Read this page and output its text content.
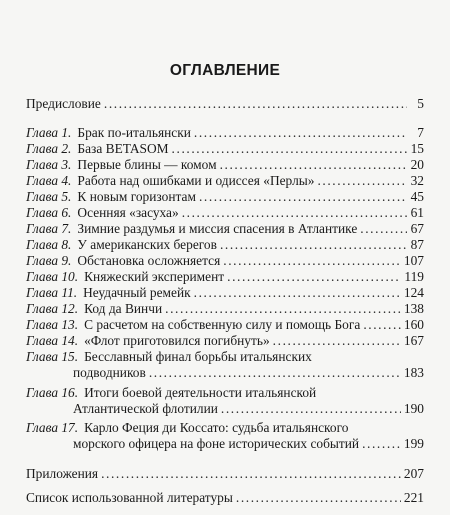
ОГЛАВЛЕНИЕ
Предисловие .....	5
Глава 1. Брак по-итальянски .....	7
Глава 2. База BETASOM .....	15
Глава 3. Первые блины — комом .....	20
Глава 4. Работа над ошибками и одиссея «Перлы» .....	32
Глава 5. К новым горизонтам .....	45
Глава 6. Осенняя «засуха» .....	61
Глава 7. Зимние раздумья и миссия спасения в Атлантике .....	67
Глава 8. У американских берегов .....	87
Глава 9. Обстановка осложняется .....	107
Глава 10. Княжеский эксперимент .....	119
Глава 11. Неудачный ремейк .....	124
Глава 12. Код да Винчи .....	138
Глава 13. С расчетом на собственную силу и помощь Бога .....	160
Глава 14. «Флот приготовился погибнуть» .....	167
Глава 15. Бесславный финал борьбы итальянских
подводников .....	183
Глава 16. Итоги боевой деятельности итальянской
Атлантической флотилии .....	190
Глава 17. Карло Феция ди Коссато: судьба итальянского
морского офицера на фоне исторических событий .....	199
Приложения .....	207
Список использованной литературы .....	221
